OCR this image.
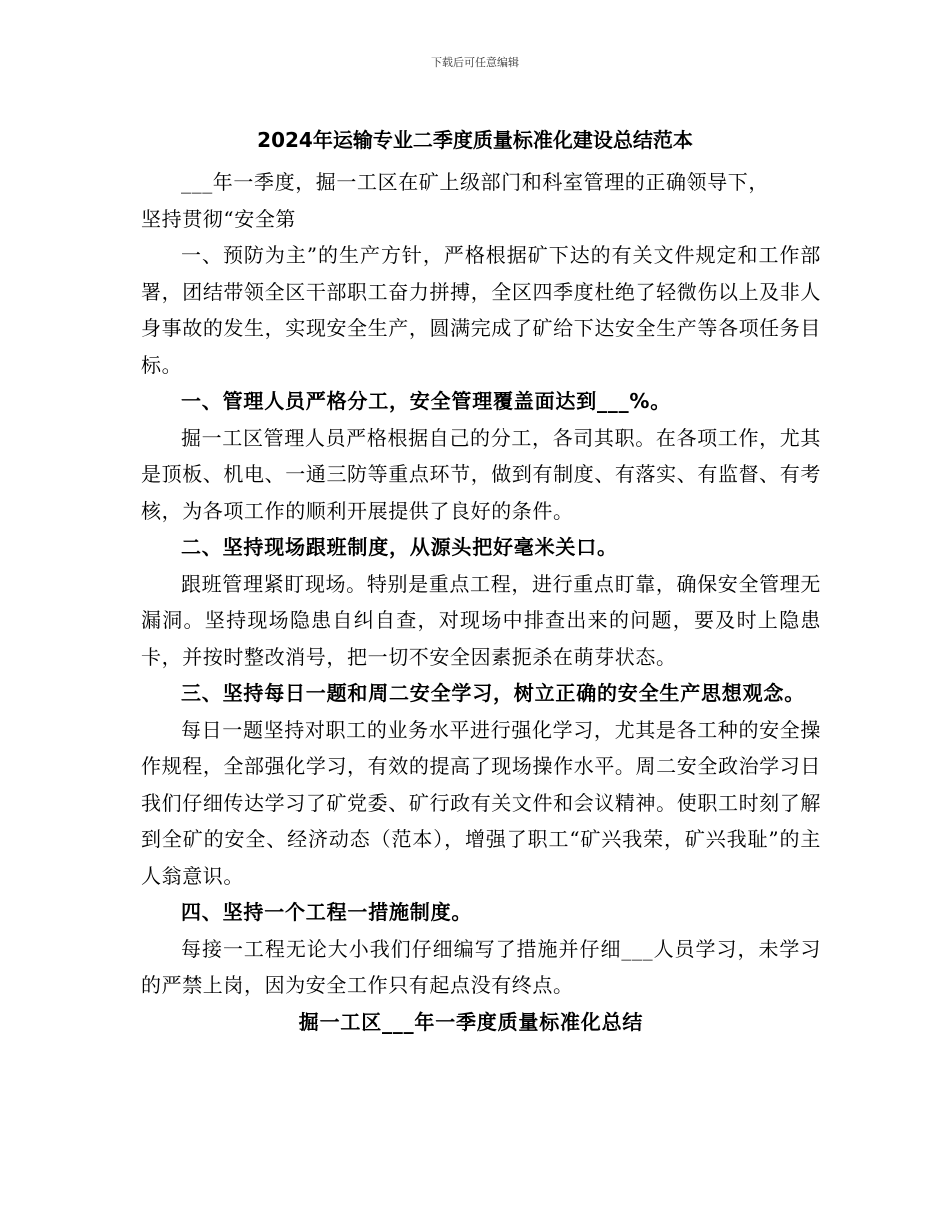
下载后可任意编辑
2024年运输专业二季度质量标准化建设总结范本

___年一季度，掘一工区在矿上级部门和科室管理的正确领导下，

坚持贯彻“安全第

一、预防为主”的生产方针，严格根据矿下达的有关文件规定和工作部署，团结带领全区干部职工奋力拼搏，全区四季度杜绝了轻微伤以上及非人身事故的发生，实现安全生产，圆满完成了矿给下达安全生产等各项任务目标。

一、管理人员严格分工，安全管理覆盖面达到___%。

掘一工区管理人员严格根据自己的分工，各司其职。在各项工作，尤其是顶板、机电、一通三防等重点环节，做到有制度、有落实、有监督、有考核，为各项工作的顺利开展提供了良好的条件。

二、坚持现场跟班制度，从源头把好毫米关口。

跟班管理紧盯现场。特别是重点工程，进行重点盯靠，确保安全管理无漏洞。坚持现场隐患自纠自查，对现场中排查出来的问题，要及时上隐患卡，并按时整改消号，把一切不安全因素扼杀在萌芽状态。

三、坚持每日一题和周二安全学习，树立正确的安全生产思想观念。

每日一题坚持对职工的业务水平进行强化学习，尤其是各工种的安全操作规程，全部强化学习，有效的提高了现场操作水平。周二安全政治学习日我们仔细传达学习了矿党委、矿行政有关文件和会议精神。使职工时刻了解到全矿的安全、经济动态（范本），增强了职工“矿兴我荣，矿兴我耻”的主人翁意识。

四、坚持一个工程一措施制度。

每接一工程无论大小我们仔细编写了措施并仔细___人员学习，未学习的严禁上岗，因为安全工作只有起点没有终点。

掘一工区___年一季度质量标准化总结
